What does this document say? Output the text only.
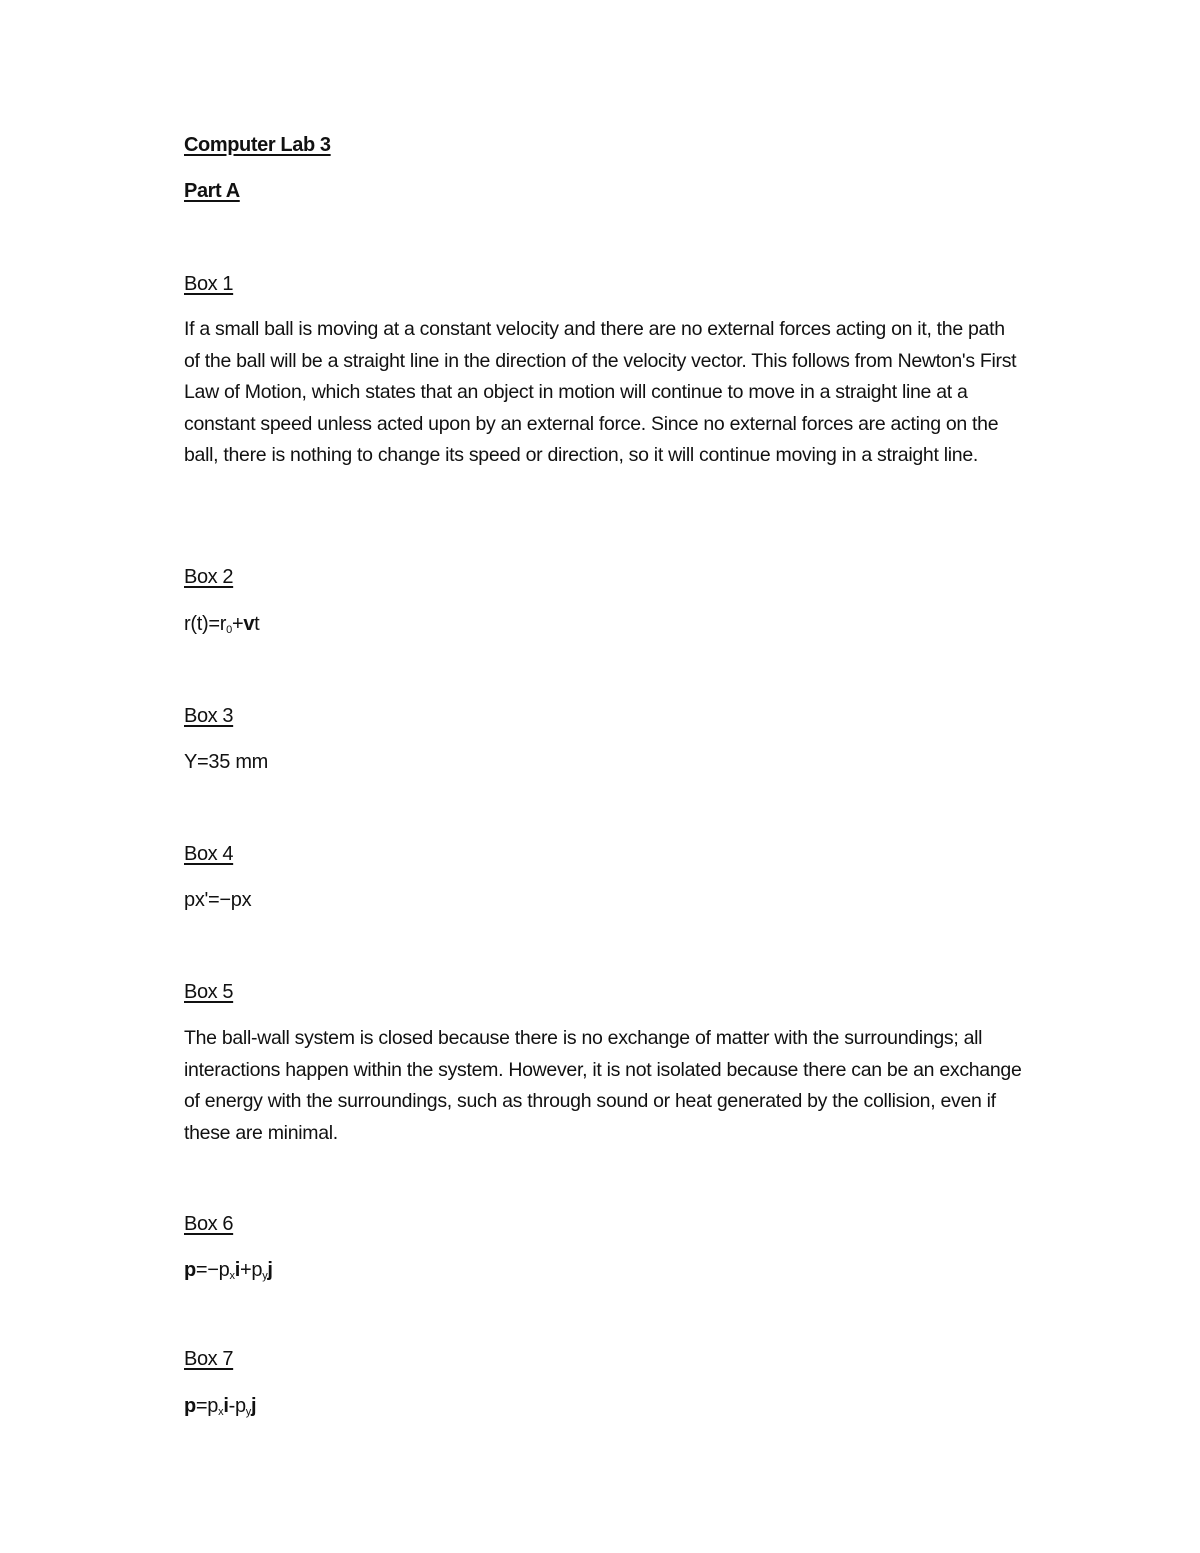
Computer Lab 3

Part A

Box 1

If a small ball is moving at a constant velocity and there are no external forces acting on it, the path of the ball will be a straight line in the direction of the velocity vector. This follows from Newton's First Law of Motion, which states that an object in motion will continue to move in a straight line at a constant speed unless acted upon by an external force. Since no external forces are acting on the ball, there is nothing to change its speed or direction, so it will continue moving in a straight line.

Box 2

$r(t)=r_0+vt$

Box 3

Y=35 mm

Box 4

px'=−px

Box 5

The ball-wall system is closed because there is no exchange of matter with the surroundings; all interactions happen within the system. However, it is not isolated because there can be an exchange of energy with the surroundings, such as through sound or heat generated by the collision, even if these are minimal.

Box 6

$p=-p_xi+p_yj$

Box 7

$p=p_xi-p_yj$
